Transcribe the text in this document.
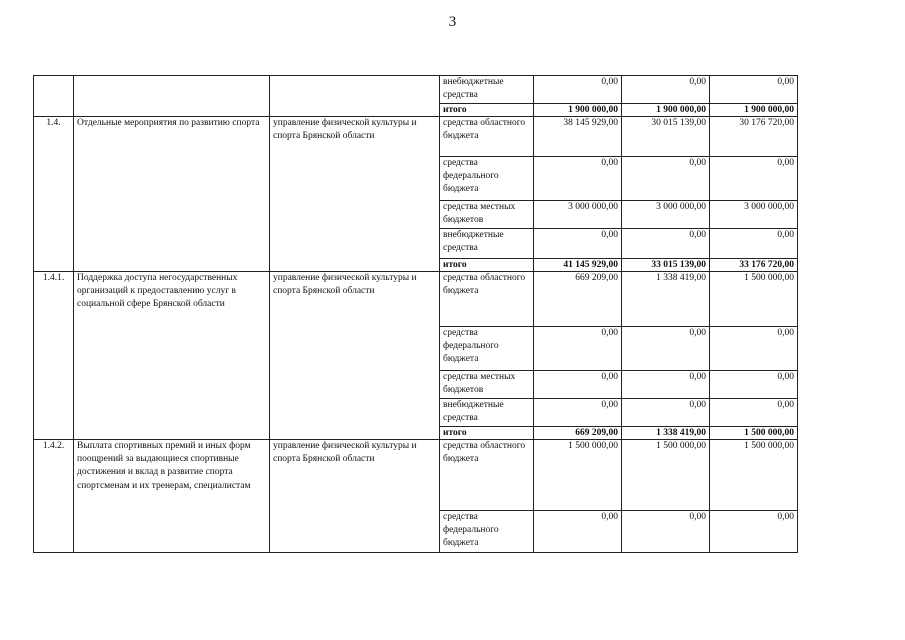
3
			внебюджетные средства	0,00	0,00	0,00	
			итого	1 900 000,00	1 900 000,00	1 900 000,00	
1.4.	Отдельные мероприятия по развитию спорта	управление физической культуры и спорта Брянской области	средства областного бюджета	38 145 929,00	30 015 139,00	30 176 720,00	
			средства федерального бюджета	0,00	0,00	0,00	
			средства местных бюджетов	3 000 000,00	3 000 000,00	3 000 000,00	
			внебюджетные средства	0,00	0,00	0,00	
			итого	41 145 929,00	33 015 139,00	33 176 720,00	
1.4.1.	Поддержка доступа негосударственных организаций к предоставлению услуг в социальной сфере Брянской области	управление физической культуры и спорта Брянской области	средства областного бюджета	669 209,00	1 338 419,00	1 500 000,00	
			средства федерального бюджета	0,00	0,00	0,00	
			средства местных бюджетов	0,00	0,00	0,00	
			внебюджетные средства	0,00	0,00	0,00	
			итого	669 209,00	1 338 419,00	1 500 000,00	
1.4.2.	Выплата спортивных премий и иных форм поощрений за выдающиеся спортивные достижения и вклад в развитие спорта спортсменам и их тренерам, специалистам	управление физической культуры и спорта Брянской области	средства областного бюджета	1 500 000,00	1 500 000,00	1 500 000,00	
			средства федерального бюджета	0,00	0,00	0,00	
